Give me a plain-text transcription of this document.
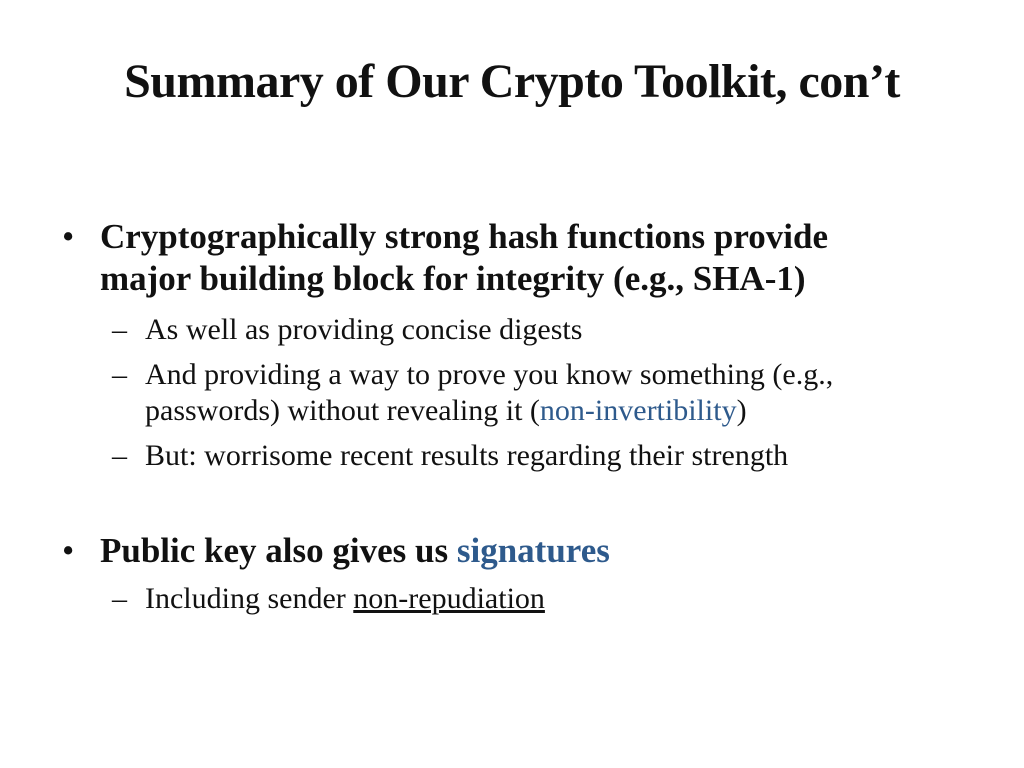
Summary of Our Crypto Toolkit, con’t
• Cryptographically strong hash functions provide
major building block for integrity (e.g., SHA-1)
– As well as providing concise digests
– And providing a way to prove you know something (e.g.,
passwords) without revealing it (non-invertibility)
– But: worrisome recent results regarding their strength
• Public key also gives us signatures
– Including sender non-repudiation
